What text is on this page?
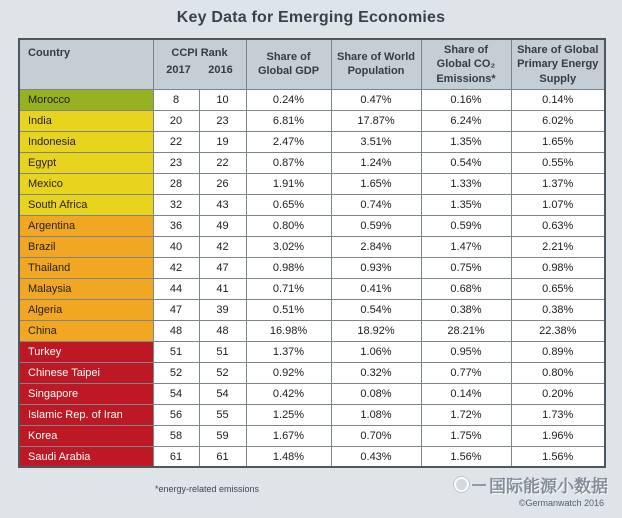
Key Data for Emerging Economies
Country	CCPI Rank
2017 2016		Share of Global GDP	Share of World Population	Share of Global CO₂ Emissions*	Share of Global Primary Energy Supply
Morocco	8	10	0.24%	0.47%	0.16%	0.14%
India	20	23	6.81%	17.87%	6.24%	6.02%
Indonesia	22	19	2.47%	3.51%	1.35%	1.65%
Egypt	23	22	0.87%	1.24%	0.54%	0.55%
Mexico	28	26	1.91%	1.65%	1.33%	1.37%
South Africa	32	43	0.65%	0.74%	1.35%	1.07%
Argentina	36	49	0.80%	0.59%	0.59%	0.63%
Brazil	40	42	3.02%	2.84%	1.47%	2.21%
Thailand	42	47	0.98%	0.93%	0.75%	0.98%
Malaysia	44	41	0.71%	0.41%	0.68%	0.65%
Algeria	47	39	0.51%	0.54%	0.38%	0.38%
China	48	48	16.98%	18.92%	28.21%	22.38%
Turkey	51	51	1.37%	1.06%	0.95%	0.89%
Chinese Taipei	52	52	0.92%	0.32%	0.77%	0.80%
Singapore	54	54	0.42%	0.08%	0.14%	0.20%
Islamic Rep. of Iran	56	55	1.25%	1.08%	1.72%	1.73%
Korea	58	59	1.67%	0.70%	1.75%	1.96%
Saudi Arabia	61	61	1.48%	0.43%	1.56%	1.56%
*energy-related emissions	国际能源小数据
©Germanwatch 2016
